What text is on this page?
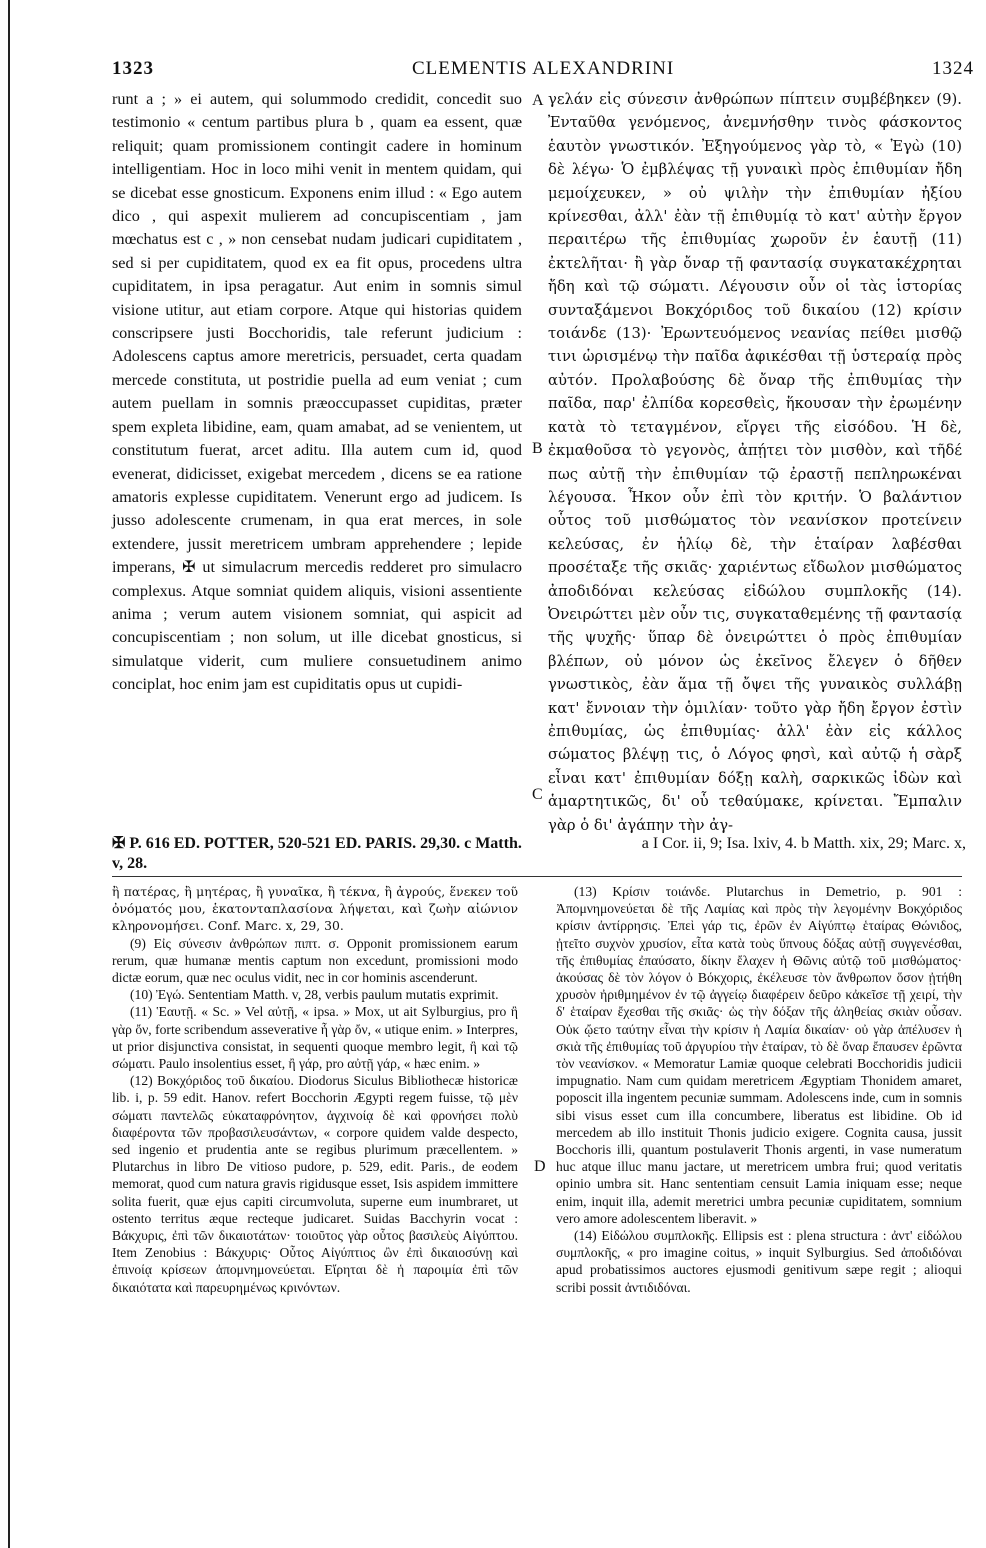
1323	CLEMENTIS ALEXANDRINI	1324

runt a ; » ei autem, qui solummodo credidit, concedit suo testimonio « centum partibus plura b , quam ea essent, quæ reliquit; quam promissionem contingit cadere in hominum intelligentiam. Hoc in loco mihi venit in mentem quidam, qui se dicebat esse gnosticum. Exponens enim illud : « Ego autem dico , qui aspexit mulierem ad concupiscentiam , jam mœchatus est c , » non censebat nudam judicari cupiditatem , sed si per cupiditatem, quod ex ea fit opus, procedens ultra cupiditatem, in ipsa peragatur. Aut enim in somnis simul visione utitur, aut etiam corpore. Atque qui historias quidem conscripsere justi Bocchoridis, tale referunt judicium : Adolescens captus amore meretricis, persuadet, certa quadam mercede constituta, ut postridie puella ad eum veniat ; cum autem puellam in somnis præoccupasset cupiditas, præter spem expleta libidine, eam, quam amabat, ad se venientem, ut constitutum fuerat, arcet aditu. Illa autem cum id, quod evenerat, didicisset, exigebat mercedem , dicens se ea ratione amatoris explesse cupiditatem. Venerunt ergo ad judicem. Is jusso adolescente crumenam, in qua erat merces, in sole extendere, jussit meretricem umbram apprehendere ; lepide imperans, ✠ ut simulacrum mercedis redderet pro simulacro complexus. Atque somniat quidem aliquis, visioni assentiente anima ; verum autem visionem somniat, qui aspicit ad concupiscentiam ; non solum, ut ille dicebat gnosticus, si simulatque viderit, cum muliere consuetudinem animo conciplat, hoc enim jam est cupiditatis opus ut cupidi-

A
B
C

γελάν εἰς σύνεσιν ἀνθρώπων πίπτειν συμβέβηκεν (9). Ἐνταῦθα γενόμενος, ἀνεμνήσθην τινὸς φάσκοντος ἑαυτὸν γνωστικόν. Ἐξηγούμενος γὰρ τὸ, « Ἐγὼ (10) δὲ λέγω· Ὁ ἐμβλέψας τῇ γυναικὶ πρὸς ἐπιθυμίαν ἤδη μεμοίχευκεν, » οὐ ψιλὴν τὴν ἐπιθυμίαν ἠξίου κρίνεσθαι, ἀλλ' ἐὰν τῇ ἐπιθυμίᾳ τὸ κατ' αὐτὴν ἔργον περαιτέρω τῆς ἐπιθυμίας χωροῦν ἐν ἑαυτῇ (11) ἐκτελῆται· ἢ γὰρ ὄναρ τῇ φαντασίᾳ συγκατακέχρηται ἤδη καὶ τῷ σώματι. Λέγουσιν οὖν οἱ τὰς ἱστορίας συνταξάμενοι Βοκχόριδος τοῦ δικαίου (12) κρίσιν τοιάνδε (13)· Ἐρωντευόμενος νεανίας πείθει μισθῷ τινι ὡρισμένῳ τὴν παῖδα ἀφικέσθαι τῇ ὑστεραίᾳ πρὸς αὐτόν. Προλαβούσης δὲ ὄναρ τῆς ἐπιθυμίας τὴν παῖδα, παρ' ἐλπίδα κορεσθεὶς, ἥκουσαν τὴν ἐρωμένην κατὰ τὸ τεταγμένον, εἴργει τῆς εἰσόδου. Ἡ δὲ, ἐκμαθοῦσα τὸ γεγονὸς, ἀπῄτει τὸν μισθὸν, καὶ τῆδέ πως αὐτῇ τὴν ἐπιθυμίαν τῷ ἐραστῇ πεπληρωκέναι λέγουσα. Ἧκον οὖν ἐπὶ τὸν κριτήν. Ὁ βαλάντιον οὗτος τοῦ μισθώματος τὸν νεανίσκον προτείνειν κελεύσας, ἐν ἡλίῳ δὲ, τὴν ἑταίραν λαβέσθαι προσέταξε τῆς σκιᾶς· χαριέντως εἴδωλον μισθώματος ἀποδιδόναι κελεύσας εἰδώλου συμπλοκῆς (14). Ὀνειρώττει μὲν οὖν τις, συγκαταθεμένης τῇ φαντασίᾳ τῆς ψυχῆς· ὕπαρ δὲ ὀνειρώττει ὁ πρὸς ἐπιθυμίαν βλέπων, οὐ μόνον ὡς ἐκεῖνος ἔλεγεν ὁ δῆθεν γνωστικὸς, ἐὰν ἅμα τῇ ὄψει τῆς γυναικὸς συλλάβῃ κατ' ἔννοιαν τὴν ὁμιλίαν· τοῦτο γὰρ ἤδη ἔργον ἐστὶν ἐπιθυμίας, ὡς ἐπιθυμίας· ἀλλ' ἐὰν εἰς κάλλος σώματος βλέψῃ τις, ὁ Λόγος φησὶ, καὶ αὐτῷ ἡ σὰρξ εἶναι κατ' ἐπιθυμίαν δόξῃ καλὴ, σαρκικῶς ἰδὼν καὶ ἁμαρτητικῶς, δι' οὗ τεθαύμακε, κρίνεται. Ἔμπαλιν γὰρ ὁ δι' ἀγάπην τὴν ἀγ-

✠ P. 616 ED. POTTER, 520-521 ED. PARIS. 29,30. c Matth. v, 28.
a I Cor. ii, 9; Isa. lxiv, 4. b Matth. xix, 29; Marc. x,

ἢ πατέρας, ἢ μητέρας, ἢ γυναῖκα, ἢ τέκνα, ἢ ἀγρούς, ἕνεκεν τοῦ ὀνόματός μου, ἑκατονταπλασίονα λήψεται, καὶ ζωὴν αἰώνιον κληρονομήσει. Conf. Marc. x, 29, 30.

(9) Εἰς σύνεσιν ἀνθρώπων πιπτ. σ. Opponit promissionem earum rerum, quæ humanæ mentis captum non excedunt, promissioni modo dictæ eorum, quæ nec oculus vidit, nec in cor hominis ascenderunt.

(10) Ἐγώ. Sententiam Matth. v, 28, verbis paulum mutatis exprimit.

(11) Ἑαυτῇ. « Sc. » Vel αὐτῇ, « ipsa. » Mox, ut ait Sylburgius, pro ἢ γὰρ ὄν, forte scribendum asseverative ἦ γὰρ ὄν, « utique enim. » Interpres, ut prior disjunctiva consistat, in sequenti quoque membro legit, ἢ καὶ τῷ σώματι. Paulo insolentius esset, ἢ γάρ, pro αὐτῇ γάρ, « hæc enim. »

(12) Βοκχόριδος τοῦ δικαίου. Diodorus Siculus Bibliothecæ historicæ lib. i, p. 59 edit. Hanov. refert Bocchorin Ægypti regem fuisse, τῷ μὲν σώματι παντελῶς εὐκαταφρόνητον, ἀγχινοίᾳ δὲ καὶ φρονήσει πολὺ διαφέροντα τῶν προβασιλευσάντων, « corpore quidem valde despecto, sed ingenio et prudentia ante se regibus plurimum præcellentem. » Plutarchus in libro De vitioso pudore, p. 529, edit. Paris., de eodem memorat, quod cum natura gravis rigidusque esset, Isis aspidem immittere solita fuerit, quæ ejus capiti circumvoluta, superne eum inumbraret, ut ostento territus æque recteque judicaret. Suidas Bacchyrin vocat : Βάκχυρις, ἐπὶ τῶν δικαιοτάτων· τοιοῦτος γὰρ οὗτος βασιλεὺς Αἰγύπτου. Item Zenobius : Βάκχυρις· Οὗτος Αἰγύπτιος ὢν ἐπὶ δικαιοσύνῃ καὶ ἐπινοίᾳ κρίσεων ἀπομνημονεύεται. Εἴρηται δὲ ἡ παροιμία ἐπὶ τῶν δικαιότατα καὶ παρευρημένως κρινόντων.

D

(13) Κρίσιν τοιάνδε. Plutarchus in Demetrio, p. 901 : Ἀπομνημονεύεται δὲ τῆς Λαμίας καὶ πρὸς τὴν λεγομένην Βοκχόριδος κρίσιν ἀντίρρησις. Ἐπεὶ γάρ τις, ἐρῶν ἐν Αἰγύπτῳ ἑταίρας Θώνιδος, ᾐτεῖτο συχνὸν χρυσίον, εἶτα κατὰ τοὺς ὕπνους δόξας αὐτῇ συγγενέσθαι, τῆς ἐπιθυμίας ἐπαύσατο, δίκην ἔλαχεν ἡ Θῶνις αὐτῷ τοῦ μισθώματος· ἀκούσας δὲ τὸν λόγον ὁ Βόκχορις, ἐκέλευσε τὸν ἄνθρωπον ὅσον ᾐτήθη χρυσὸν ἠριθμημένον ἐν τῷ ἀγγείῳ διαφέρειν δεῦρο κἀκεῖσε τῇ χειρί, τὴν δ' ἑταίραν ἔχεσθαι τῆς σκιᾶς· ὡς τὴν δόξαν τῆς ἀληθείας σκιὰν οὖσαν. Οὐκ ᾤετο ταύτην εἶναι τὴν κρίσιν ἡ Λαμία δικαίαν· οὐ γὰρ ἀπέλυσεν ἡ σκιὰ τῆς ἐπιθυμίας τοῦ ἀργυρίου τὴν ἑταίραν, τὸ δὲ ὄναρ ἔπαυσεν ἐρῶντα τὸν νεανίσκον. « Memoratur Lamiæ quoque celebrati Bocchoridis judicii impugnatio. Nam cum quidam meretricem Ægyptiam Thonidem amaret, poposcit illa ingentem pecuniæ summam. Adolescens inde, cum in somnis sibi visus esset cum illa concumbere, liberatus est libidine. Ob id mercedem ab illo instituit Thonis judicio exigere. Cognita causa, jussit Bocchoris illi, quantum postulaverit Thonis argenti, in vase numeratum huc atque illuc manu jactare, ut meretricem umbra frui; quod veritatis opinio umbra sit. Hanc sententiam censuit Lamia iniquam esse; neque enim, inquit illa, ademit meretrici umbra pecuniæ cupiditatem, somnium vero amore adolescentem liberavit. »

(14) Εἰδώλου συμπλοκῆς. Ellipsis est : plena structura : ἀντ' εἰδώλου συμπλοκῆς, « pro imagine coitus, » inquit Sylburgius. Sed ἀποδιδόναι apud probatissimos auctores ejusmodi genitivum sæpe regit ; alioqui scribi possit ἀντιδιδόναι.
